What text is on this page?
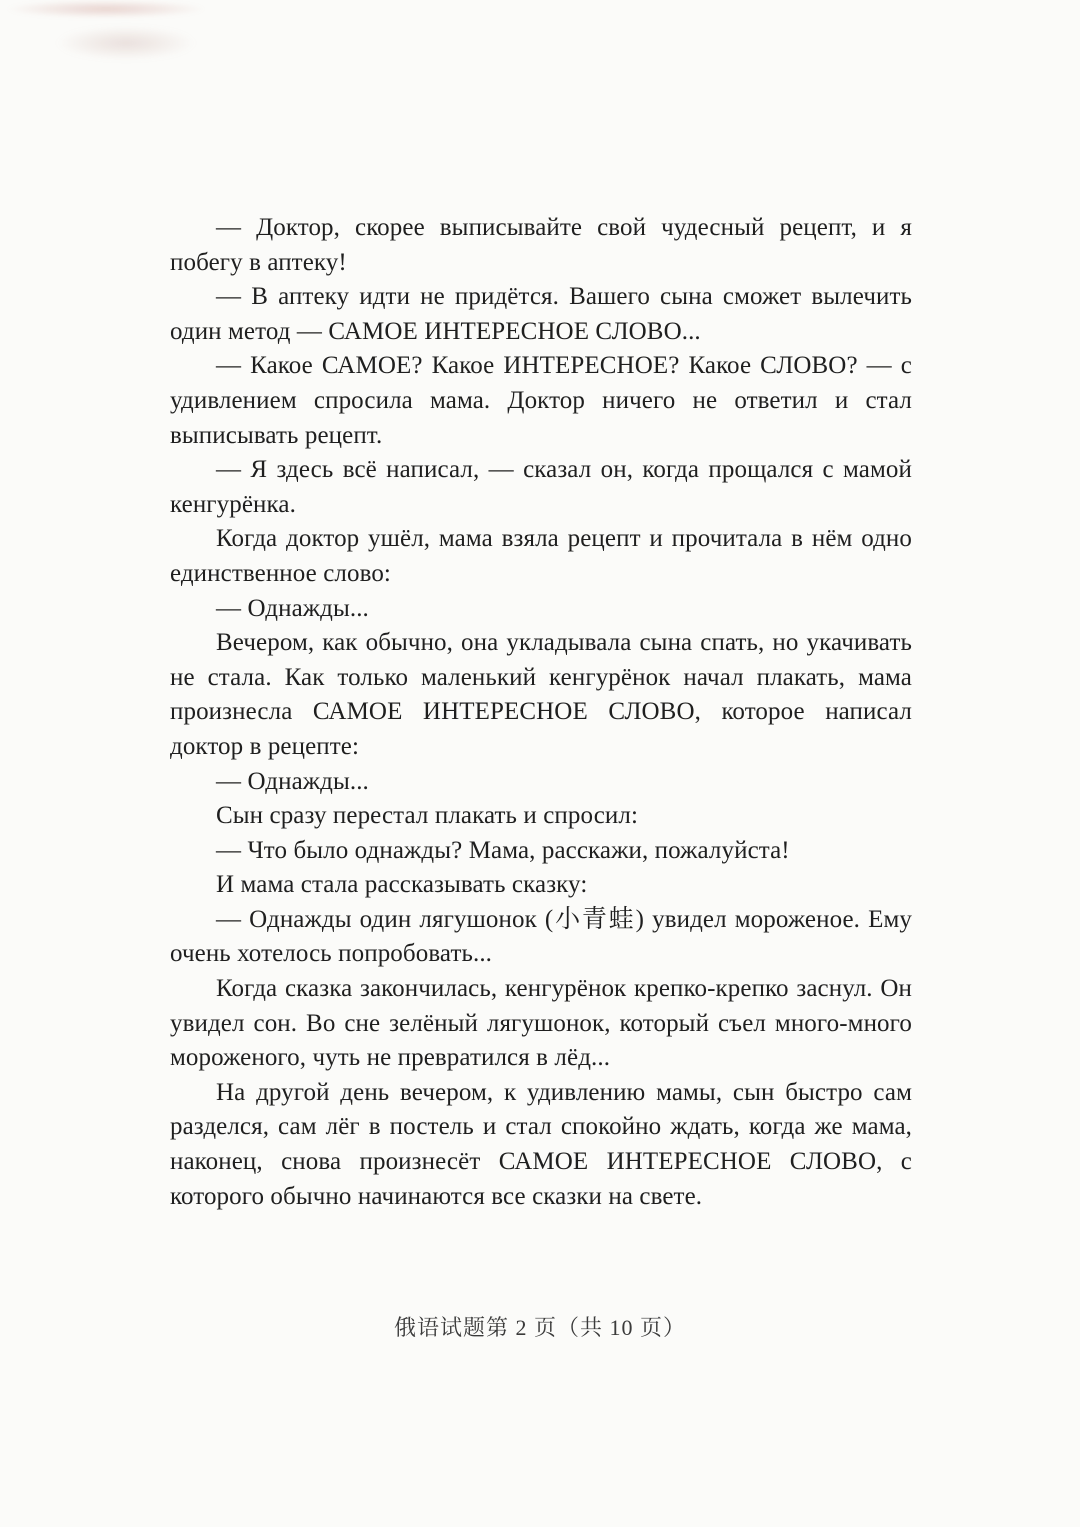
— Доктор, скорее выписывайте свой чудесный рецепт, и я побегу в аптеку!

— В аптеку идти не придётся. Вашего сына сможет вылечить один метод — САМОЕ ИНТЕРЕСНОЕ СЛОВО...

— Какое САМОЕ? Какое ИНТЕРЕСНОЕ? Какое СЛОВО? — с удивлением спросила мама. Доктор ничего не ответил и стал выписывать рецепт.

— Я здесь всё написал, — сказал он, когда прощался с мамой кенгурёнка.

Когда доктор ушёл, мама взяла рецепт и прочитала в нём одно единственное слово:

— Однажды...

Вечером, как обычно, она укладывала сына спать, но укачивать не стала. Как только маленький кенгурёнок начал плакать, мама произнесла САМОЕ ИНТЕРЕСНОЕ СЛОВО, которое написал доктор в рецепте:

— Однажды...

Сын сразу перестал плакать и спросил:

— Что было однажды? Мама, расскажи, пожалуйста!

И мама стала рассказывать сказку:

— Однажды один лягушонок (小青蛙) увидел мороженое. Ему очень хотелось попробовать...

Когда сказка закончилась, кенгурёнок крепко-крепко заснул. Он увидел сон. Во сне зелёный лягушонок, который съел много-много мороженого, чуть не превратился в лёд...

На другой день вечером, к удивлению мамы, сын быстро сам разделся, сам лёг в постель и стал спокойно ждать, когда же мама, наконец, снова произнесёт САМОЕ ИНТЕРЕСНОЕ СЛОВО, с которого обычно начинаются все сказки на свете.

俄语试题第 2 页（共 10 页）
